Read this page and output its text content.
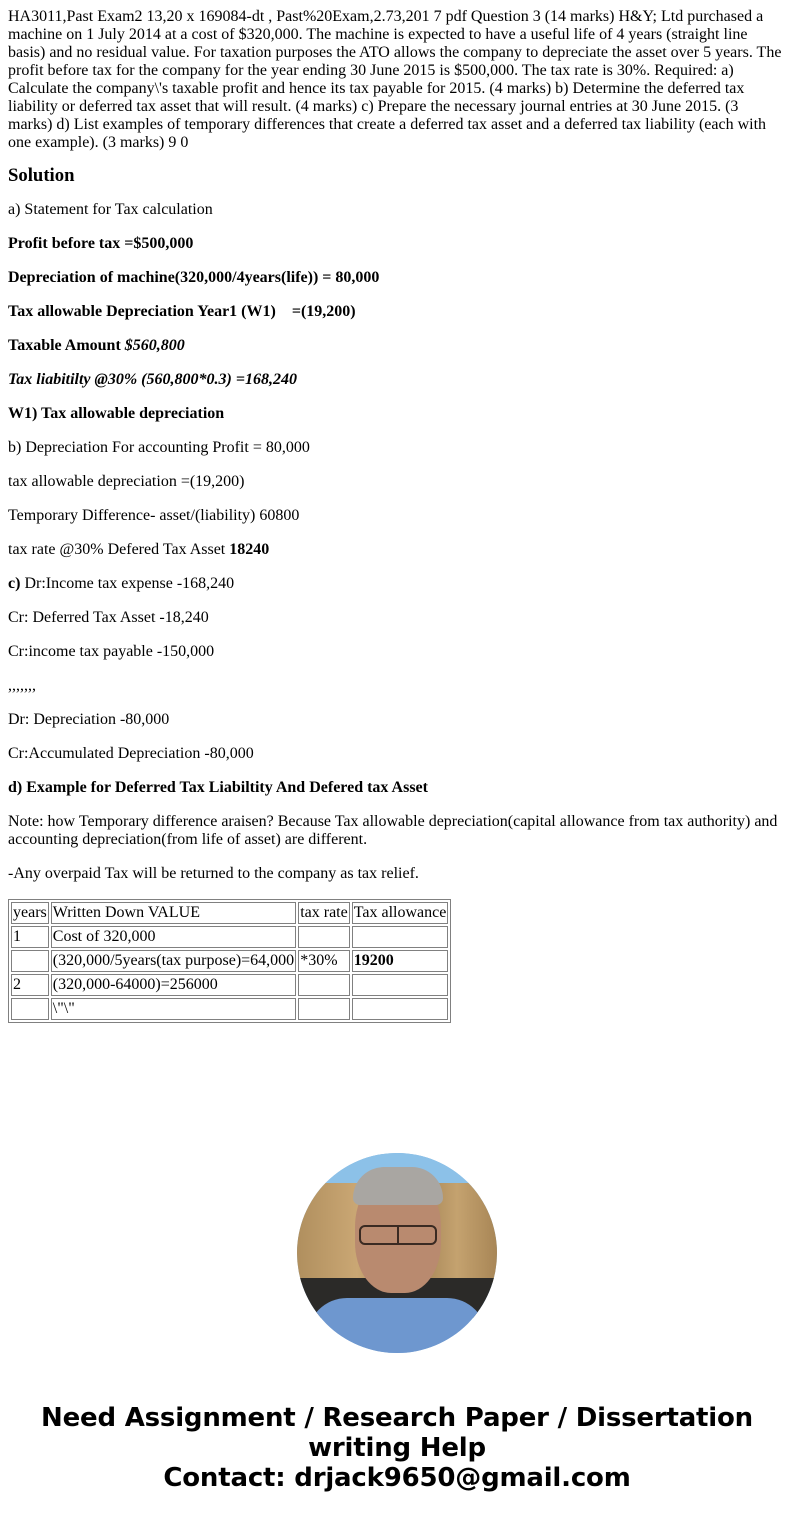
HA3011,Past Exam2 13,20 x 169084-dt , Past%20Exam,2.73,201 7 pdf Question 3 (14 marks) H&Y; Ltd purchased a machine on 1 July 2014 at a cost of $320,000. The machine is expected to have a useful life of 4 years (straight line basis) and no residual value. For taxation purposes the ATO allows the company to depreciate the asset over 5 years. The profit before tax for the company for the year ending 30 June 2015 is $500,000. The tax rate is 30%. Required: a) Calculate the company\'s taxable profit and hence its tax payable for 2015. (4 marks) b) Determine the deferred tax liability or deferred tax asset that will result. (4 marks) c) Prepare the necessary journal entries at 30 June 2015. (3 marks) d) List examples of temporary differences that create a deferred tax asset and a deferred tax liability (each with one example). (3 marks) 9 0

Solution

a) Statement for Tax calculation

Profit before tax =$500,000

Depreciation of machine(320,000/4years(life)) = 80,000

Tax allowable Depreciation Year1 (W1)    =(19,200)

Taxable Amount $560,800

Tax liabitilty @30% (560,800*0.3) =168,240

W1) Tax allowable depreciation

b) Depreciation For accounting Profit = 80,000

tax allowable depreciation =(19,200)

Temporary Difference- asset/(liability) 60800

tax rate @30% Defered Tax Asset 18240

c) Dr:Income tax expense -168,240

Cr: Deferred Tax Asset -18,240

Cr:income tax payable -150,000

,,,,,,,

Dr: Depreciation -80,000

Cr:Accumulated Depreciation -80,000

d) Example for Deferred Tax Liabiltity And Defered tax Asset

Note: how Temporary difference araisen? Because Tax allowable depreciation(capital allowance from tax authority) and accounting depreciation(from life of asset) are different.

-Any overpaid Tax will be returned to the company as tax relief.

years	Written Down VALUE	tax rate	Tax allowance
1	Cost of 320,000		
	(320,000/5years(tax purpose)=64,000	*30%	19200
2	(320,000-64000)=256000		
	\"\"		
Need Assignment / Research Paper / Dissertation
writing Help
Contact: drjack9650@gmail.com
